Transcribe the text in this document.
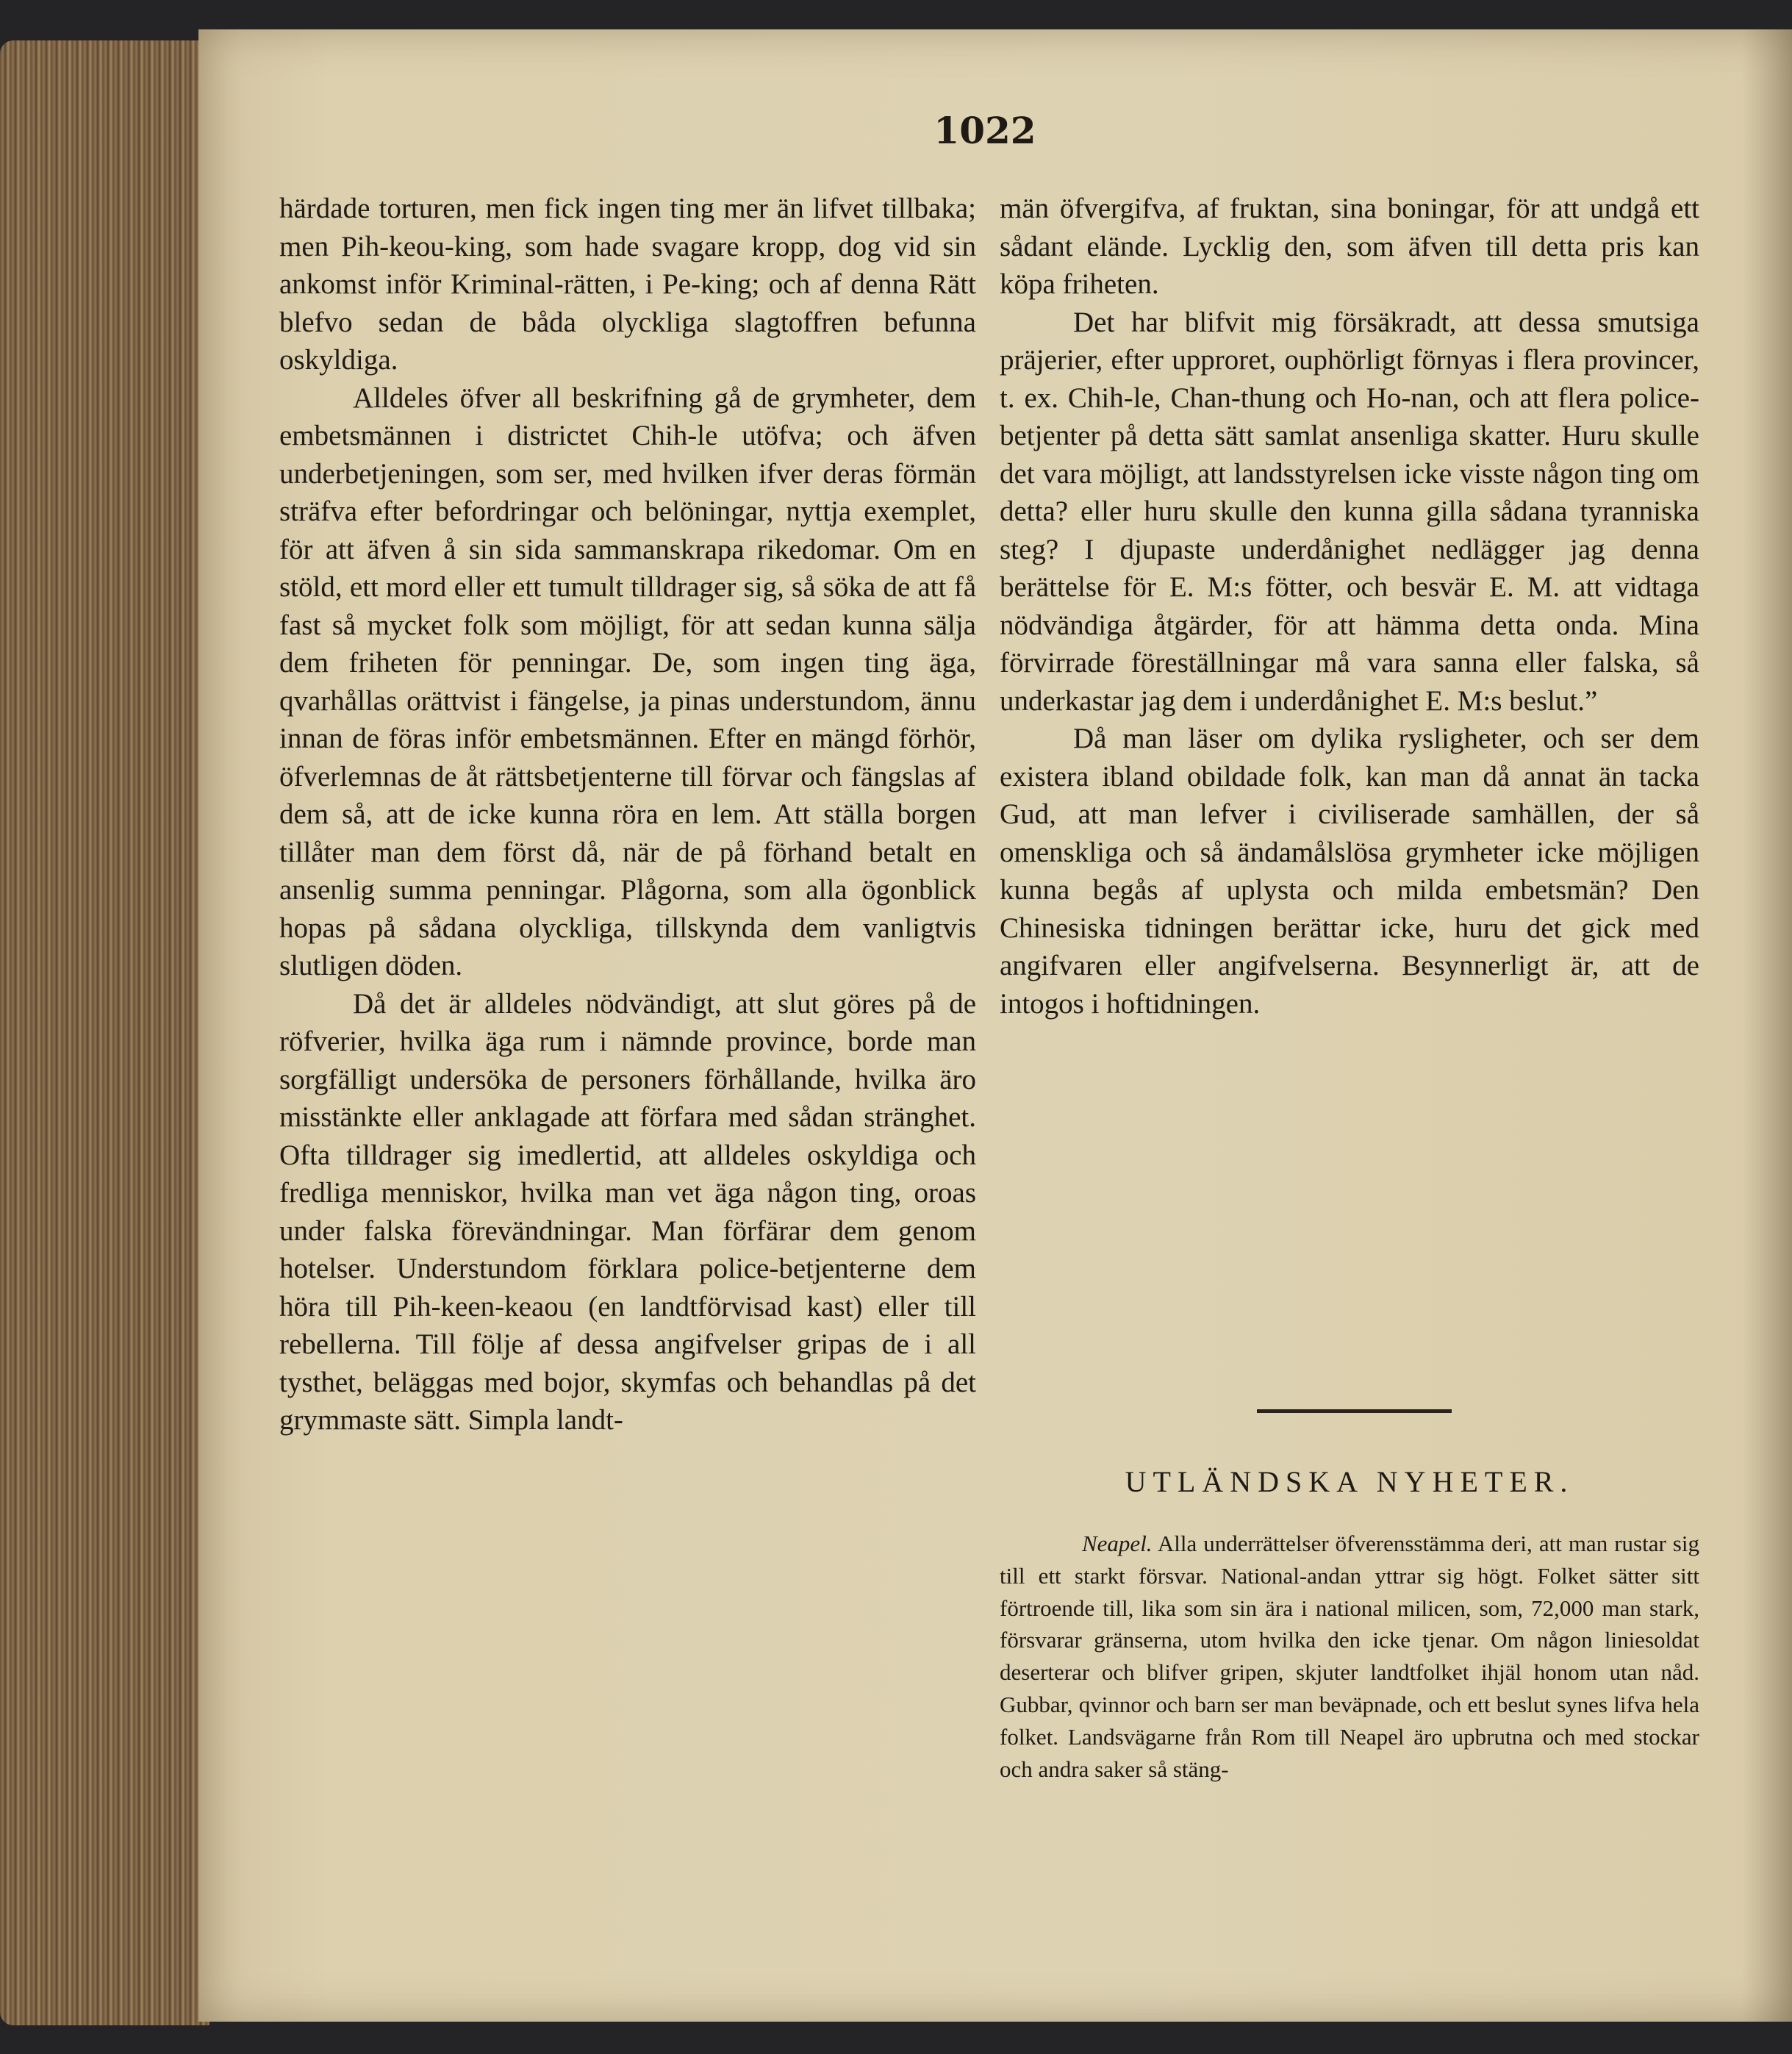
1022

härdade torturen, men fick ingen ting mer än lifvet tillbaka; men Pih-keou-king, som hade svagare kropp, dog vid sin ankomst inför Kriminal-rätten, i Pe-king; och af denna Rätt blefvo sedan de båda olyckliga slagtoffren befunna oskyldiga.

Alldeles öfver all beskrifning gå de grymheter, dem embetsmännen i districtet Chih-le utöfva; och äfven underbetjeningen, som ser, med hvilken ifver deras förmän sträfva efter befordringar och belöningar, nyttja exemplet, för att äfven å sin sida sammanskrapa rikedomar. Om en stöld, ett mord eller ett tumult tilldrager sig, så söka de att få fast så mycket folk som möjligt, för att sedan kunna sälja dem friheten för penningar. De, som ingen ting äga, qvarhållas orättvist i fängelse, ja pinas understundom, ännu innan de föras inför embetsmännen. Efter en mängd förhör, öfverlemnas de åt rättsbetjenterne till förvar och fängslas af dem så, att de icke kunna röra en lem. Att ställa borgen tillåter man dem först då, när de på förhand betalt en ansenlig summa penningar. Plågorna, som alla ögonblick hopas på sådana olyckliga, tillskynda dem vanligtvis slutligen döden.

Då det är alldeles nödvändigt, att slut göres på de röfverier, hvilka äga rum i nämnde province, borde man sorgfälligt undersöka de personers förhållande, hvilka äro misstänkte eller anklagade att förfara med sådan stränghet. Ofta tilldrager sig imedlertid, att alldeles oskyldiga och fredliga menniskor, hvilka man vet äga någon ting, oroas under falska förevändningar. Man förfärar dem genom hotelser. Understundom förklara police-betjenterne dem höra till Pih-keen-keaou (en landtförvisad kast) eller till rebellerna. Till följe af dessa angifvelser gripas de i all tysthet, beläggas med bojor, skymfas och behandlas på det grymmaste sätt. Simpla landt-

män öfvergifva, af fruktan, sina boningar, för att undgå ett sådant elände. Lycklig den, som äfven till detta pris kan köpa friheten.

Det har blifvit mig försäkradt, att dessa smutsiga präjerier, efter upproret, ouphörligt förnyas i flera provincer, t. ex. Chih-le, Chan-thung och Ho-nan, och att flera police-betjenter på detta sätt samlat ansenliga skatter. Huru skulle det vara möjligt, att landsstyrelsen icke visste någon ting om detta? eller huru skulle den kunna gilla sådana tyranniska steg? I djupaste underdånighet nedlägger jag denna berättelse för E. M:s fötter, och besvär E. M. att vidtaga nödvändiga åtgärder, för att hämma detta onda. Mina förvirrade föreställningar må vara sanna eller falska, så underkastar jag dem i underdånighet E. M:s beslut.”

Då man läser om dylika rysligheter, och ser dem existera ibland obildade folk, kan man då annat än tacka Gud, att man lefver i civiliserade samhällen, der så omenskliga och så ändamålslösa grymheter icke möjligen kunna begås af uplysta och milda embetsmän? Den Chinesiska tidningen berättar icke, huru det gick med angifvaren eller angifvelserna. Besynnerligt är, att de intogos i hoftidningen.

UTLÄNDSKA NYHETER.

Neapel. Alla underrättelser öfverensstämma deri, att man rustar sig till ett starkt försvar. National-andan yttrar sig högt. Folket sätter sitt förtroende till, lika som sin ära i national milicen, som, 72,000 man stark, försvarar gränserna, utom hvilka den icke tjenar. Om någon liniesoldat deserterar och blifver gripen, skjuter landtfolket ihjäl honom utan nåd. Gubbar, qvinnor och barn ser man beväpnade, och ett beslut synes lifva hela folket. Landsvägarne från Rom till Neapel äro upbrutna och med stockar och andra saker så stäng-
